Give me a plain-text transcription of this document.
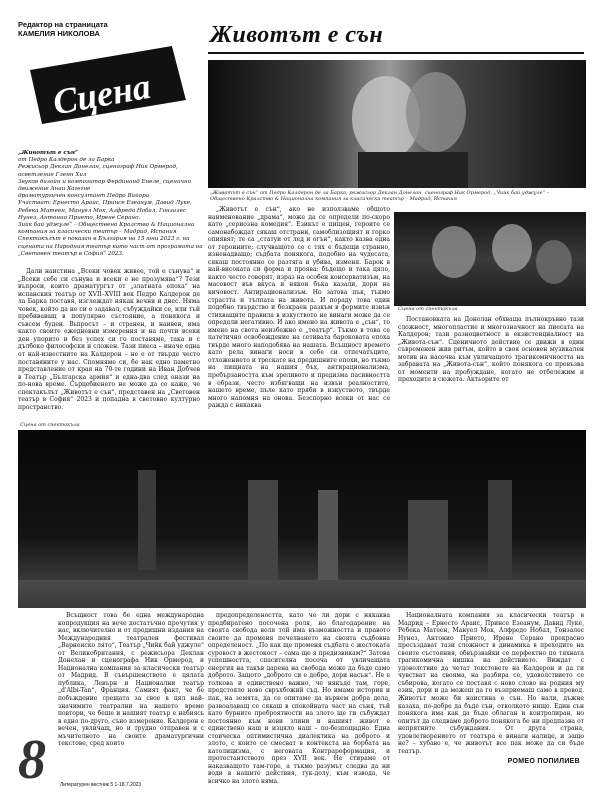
Редактор на страницата
КАМЕЛИЯ НИКОЛОВА	Животът е сън
Сцена
„Животът е сън“
от Педро Калдерон де ла Барка
Режисьор Деклан Донелан, сценограф Ник Ормерод, осветление Гленн Хил
Звуков дизайн и композитор Фердинанд Енеле, сценично движение Анаи Хагегне
драматургичен консултант Педро Вийора
Участват: Ернесто Араис, Принсе Езеанум, Давид Луке, Ребека Матеен, Мануел Мок, Алфредо Нобал, Гонзалес Нунез, Антонио Прието, Ирене Серано.
Зийк бай уджуле“ – Обществено Кралство & Национална компания за класически театър – Мадрид, Испания
Спектакълът е показан в България на 15 юни 2023 г. на сцената на Народния театър като част от програмата на „Световен театър в София“ 2023.
„Животът е сън“ от Педро Калдерон де ла Барка, режисьор Деклан Донелан, сценограф Ник Ормерод, „Чийк бай уджуле“ – Обществено Кралство & Национална компания за класически театър – Мадрид, Испания
Сцена от спектакъла
Сцена от спектакъла

Дали наистина „Всеки човек живее, той е сънува“ и „Всеки себе си сънува и всеки е не прозумява“? Тези въпроси, които драматургът от „златната епоха“ на испанския театър от XVII–XVIII век Педро Калдерон де ла Барка поставя, изглеждат някак вечни и днес. Няма човек, който да не си е задавал, събуждайки се, или тъй пребиваващ в популярно състояние, а понякога и съвсем буден. Вьпросът – и странен, и наивен, има както своите ежедневни измерения и на почти всеки ден упорито и без успех си го поставяме, така и с дълбоко философски и сложен. Тази пиеса – иначе една от най-известните на Калдерон – не е от твърде често поставяните у нас. Спомняме си, бе нак едно паметно представление от края на 70-те години на Иван Добчев в Театър „Българска армия“ и една-два след онази на по-нова време. Сърцебиенето не може да се каже, че спектакълът „Животът е сън“, представен на „Световен театър в София“ 2023 и попадна в световно културно пространство.

„Животът е сън“, ако не използваме общото наименование „драма“, може да се определи по-скоро като „сериозна комедия“. Езикът е пищен, героите се самонабождат сякаш отстрани, самоблизощият и горко опиявят; те са „статуи от лед и огън“, както казва една от героините; случващото се с тях е бъдещи странно, изненадващо; съдбата понякога, подобно на чудесата, сякаш постоянно се разтяга и убива, изменя. Барок в най-високата си форма и проява: бъдещо и така цяло, както често говорят, израз на особен консерватизъм, на масовост във вкуса и някои бъка казали, дори на кичовост. Антирационализъм. Но затова пък, тъкмо страстта и тълпата на живота. И пораду това един подобно твърдство и безкраен разкъм в формите извън стихващите правила в изкуството не винаги може да се определи негативно. И ако имено на живота е „сън“, то имено на света неизбежно е „театър“. Тъкмо в това се патетично освобождение на сетивата бароковата епоха твърде много наподобява на нашата. Всъщност времето като рела винаги носи в себе си отпечатъците, отложението и трескате на предишните епохи, но тъкмо на пищната на нашия бъх, антирационализма, пребързаността към зреливото и предизма пасивността в образи, често избягващи на извън реалностите, нашето време, пъле като пряби в изкуството, твърде много напомня на онова. Безспорно всеки от нас се ражда с някаква

Постановката на Донелан обхваща пълнокръвно тази сложност, многопластие и многозначност на пиесата на Калдерон; тази разноцветност и екзистенциалност на „Живота-сън“. Сценичното действие се движи в един съвременен жив ритъм, който в своя основен музикален мотив на насочва към увличащото трагикомичността на забравата на „Живота-сън“, който понякога се превъзва от моменти на пробуждане, когато не отбележим и преходите в сюжета. Актьорите от

Всъщност това бе една международна копродукция на вече достатъчно прочутия у нас, включително и от предишни издания на Международния театрален фестивал „Варненско лято“, Театър „Чийк бай уджуле“ от Великобритания, с режисьора Деклан Донелан и сценографа Ник Ормерод, и Национална компания за класически театър от Мадрид. В съвършенството е цялата публика, Левърн и Национални театър „d'Albi-Tan“, Франция. Самият факт, че бе побъждение срещата за свое в цял най-значимите театрални на нашето време повтори, че беше и нашият театър е набиясь в едно по-друго, съно измерение. Калдерон е вечен, увличащ, но и трудно отправен и с мъчителното на своите драматургични текстове, сред които

предопределеността, като че ли дори с някаква предбиратено посочена роля, но благодарение на своята свобода воля той има възможността и правото своите да променя печелването на своята съдбовна определеност. „По как ще променя съдбата с жестоката суровост в жестокост – сама ще я предизвикам?“ Затова успешността, спасителна посоча от увличащата енергия на такъв дарена на свобода може да бъде само доброто. Защото „доброто си е добро, дори насън“. Не е толкова и единствено важно, че някъде там, горе, предстояло ново свръхбожий съд. Но имаме история и пак, на земята, да се опитаме да върнем добра дела, развоалаващ се сякаш в спокойната част на съня, тъй като бурните преброятности на злото ще ги събуждат постоянно към нови злини и нашият живот е единствено наш и изцяло наш – по-безпощадно. Една стоическа оптимистична диалектика на доброто и злото, с които се смесват в контекста на борбата на католицизма, с неговата Контрареформация, и протестантството през XVII век. Не стираме от наказващото там-горе, а тъкмо разумът следва да ни води в нашите действия, тук-долу, към извода, че всичко на злото няма.

Националната компания за класически театър в Мадрид – Ернесто Араис, Принсе Езеанум, Давид Луке, Ребека Матеен, Мануел Мок, Алфредо Нобал, Гонзалес Нунез, Антонио Прието, Ирене Серано прекрасно пресъздават тази сложност в динамика в преходите на своите състояния, обвързвайки се перфектно по тяхната трагикомична нишка на действието. Виждат с удоволствие да четат текстовете на Калдерон и да ги чувстват на свояма, на разбира се, удоволствието се събирова, когато се поставя с ново слово на родния му език, дори и да можеш да го възприемаш само в превод. Животът може би наистина е сън. Но нали, дъжне казаха, по-добре да бъде сън, отколкото нищо. Един сън понякога има как да бъде облаган и контролиран, но опитът да следваме доброто понякога бе ни предпазва от непрятните събуждания. От друга страна, удовлетворението от театъра е винаги налице, и защо не? – хубаво е, че животът все пак може да си бъде театър.

РОМЕО ПОПИЛИЕВ
8	Литературен вестник 5 1-18.7.2023
